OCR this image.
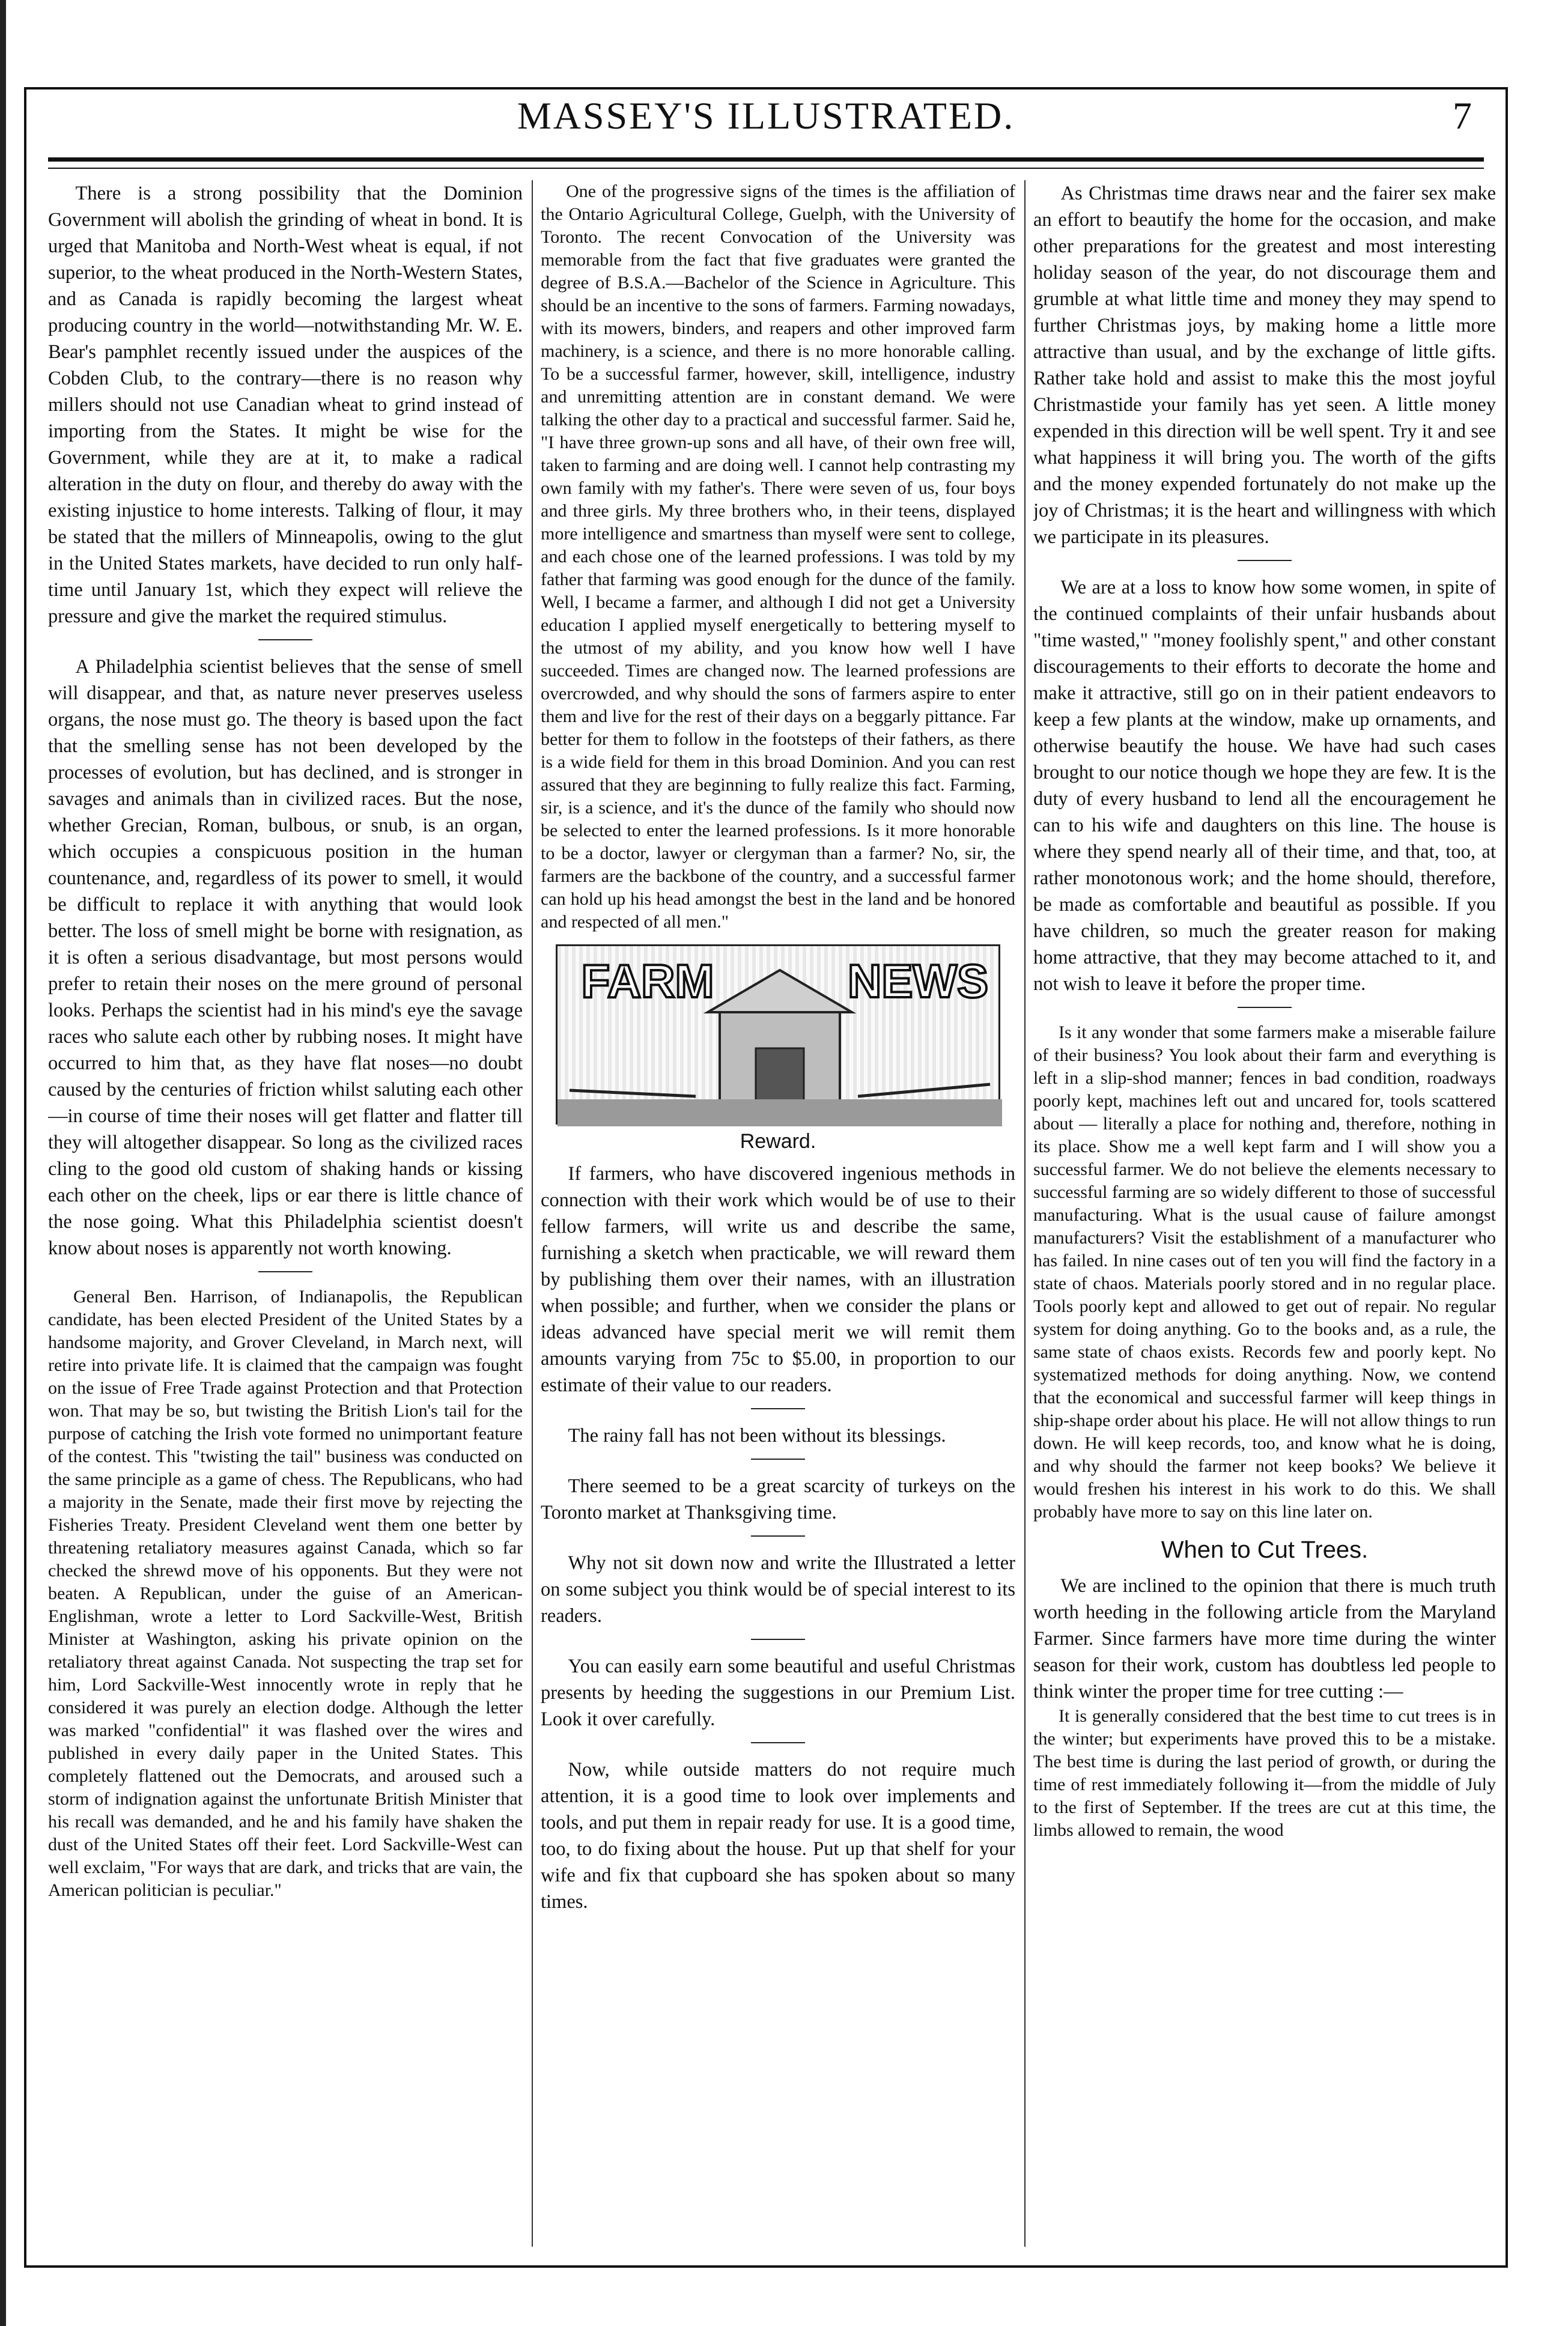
MASSEY'S ILLUSTRATED.	7

There is a strong possibility that the Dominion Government will abolish the grinding of wheat in bond. It is urged that Manitoba and North-West wheat is equal, if not superior, to the wheat produced in the North-Western States, and as Canada is rapidly becoming the largest wheat producing country in the world—notwithstanding Mr. W. E. Bear's pamphlet recently issued under the auspices of the Cobden Club, to the contrary—there is no reason why millers should not use Canadian wheat to grind instead of importing from the States. It might be wise for the Government, while they are at it, to make a radical alteration in the duty on flour, and thereby do away with the existing injustice to home interests. Talking of flour, it may be stated that the millers of Minneapolis, owing to the glut in the United States markets, have decided to run only half-time until January 1st, which they expect will relieve the pressure and give the market the required stimulus.

A Philadelphia scientist believes that the sense of smell will disappear, and that, as nature never preserves useless organs, the nose must go. The theory is based upon the fact that the smelling sense has not been developed by the processes of evolution, but has declined, and is stronger in savages and animals than in civilized races. But the nose, whether Grecian, Roman, bulbous, or snub, is an organ, which occupies a conspicuous position in the human countenance, and, regardless of its power to smell, it would be difficult to replace it with anything that would look better. The loss of smell might be borne with resignation, as it is often a serious disadvantage, but most persons would prefer to retain their noses on the mere ground of personal looks. Perhaps the scientist had in his mind's eye the savage races who salute each other by rubbing noses. It might have occurred to him that, as they have flat noses—no doubt caused by the centuries of friction whilst saluting each other—in course of time their noses will get flatter and flatter till they will altogether disappear. So long as the civilized races cling to the good old custom of shaking hands or kissing each other on the cheek, lips or ear there is little chance of the nose going. What this Philadelphia scientist doesn't know about noses is apparently not worth knowing.

General Ben. Harrison, of Indianapolis, the Republican candidate, has been elected President of the United States by a handsome majority, and Grover Cleveland, in March next, will retire into private life. It is claimed that the campaign was fought on the issue of Free Trade against Protection and that Protection won. That may be so, but twisting the British Lion's tail for the purpose of catching the Irish vote formed no unimportant feature of the contest. This "twisting the tail" business was conducted on the same principle as a game of chess. The Republicans, who had a majority in the Senate, made their first move by rejecting the Fisheries Treaty. President Cleveland went them one better by threatening retaliatory measures against Canada, which so far checked the shrewd move of his opponents. But they were not beaten. A Republican, under the guise of an American-Englishman, wrote a letter to Lord Sackville-West, British Minister at Washington, asking his private opinion on the retaliatory threat against Canada. Not suspecting the trap set for him, Lord Sackville-West innocently wrote in reply that he considered it was purely an election dodge. Although the letter was marked "confidential" it was flashed over the wires and published in every daily paper in the United States. This completely flattened out the Democrats, and aroused such a storm of indignation against the unfortunate British Minister that his recall was demanded, and he and his family have shaken the dust of the United States off their feet. Lord Sackville-West can well exclaim, "For ways that are dark, and tricks that are vain, the American politician is peculiar."

One of the progressive signs of the times is the affiliation of the Ontario Agricultural College, Guelph, with the University of Toronto. The recent Convocation of the University was memorable from the fact that five graduates were granted the degree of B.S.A.—Bachelor of the Science in Agriculture. This should be an incentive to the sons of farmers. Farming nowadays, with its mowers, binders, and reapers and other improved farm machinery, is a science, and there is no more honorable calling. To be a successful farmer, however, skill, intelligence, industry and unremitting attention are in constant demand. We were talking the other day to a practical and successful farmer. Said he, "I have three grown-up sons and all have, of their own free will, taken to farming and are doing well. I cannot help contrasting my own family with my father's. There were seven of us, four boys and three girls. My three brothers who, in their teens, displayed more intelligence and smartness than myself were sent to college, and each chose one of the learned professions. I was told by my father that farming was good enough for the dunce of the family. Well, I became a farmer, and although I did not get a University education I applied myself energetically to bettering myself to the utmost of my ability, and you know how well I have succeeded. Times are changed now. The learned professions are overcrowded, and why should the sons of farmers aspire to enter them and live for the rest of their days on a beggarly pittance. Far better for them to follow in the footsteps of their fathers, as there is a wide field for them in this broad Dominion. And you can rest assured that they are beginning to fully realize this fact. Farming, sir, is a science, and it's the dunce of the family who should now be selected to enter the learned professions. Is it more honorable to be a doctor, lawyer or clergyman than a farmer? No, sir, the farmers are the backbone of the country, and a successful farmer can hold up his head amongst the best in the land and be honored and respected of all men."

FARM	NEWS

Reward.

If farmers, who have discovered ingenious methods in connection with their work which would be of use to their fellow farmers, will write us and describe the same, furnishing a sketch when practicable, we will reward them by publishing them over their names, with an illustration when possible; and further, when we consider the plans or ideas advanced have special merit we will remit them amounts varying from 75c to $5.00, in proportion to our estimate of their value to our readers.

The rainy fall has not been without its blessings.

There seemed to be a great scarcity of turkeys on the Toronto market at Thanksgiving time.

Why not sit down now and write the Illustrated a letter on some subject you think would be of special interest to its readers.

You can easily earn some beautiful and useful Christmas presents by heeding the suggestions in our Premium List. Look it over carefully.

Now, while outside matters do not require much attention, it is a good time to look over implements and tools, and put them in repair ready for use. It is a good time, too, to do fixing about the house. Put up that shelf for your wife and fix that cupboard she has spoken about so many times.

As Christmas time draws near and the fairer sex make an effort to beautify the home for the occasion, and make other preparations for the greatest and most interesting holiday season of the year, do not discourage them and grumble at what little time and money they may spend to further Christmas joys, by making home a little more attractive than usual, and by the exchange of little gifts. Rather take hold and assist to make this the most joyful Christmastide your family has yet seen. A little money expended in this direction will be well spent. Try it and see what happiness it will bring you. The worth of the gifts and the money expended fortunately do not make up the joy of Christmas; it is the heart and willingness with which we participate in its pleasures.

We are at a loss to know how some women, in spite of the continued complaints of their unfair husbands about "time wasted," "money foolishly spent," and other constant discouragements to their efforts to decorate the home and make it attractive, still go on in their patient endeavors to keep a few plants at the window, make up ornaments, and otherwise beautify the house. We have had such cases brought to our notice though we hope they are few. It is the duty of every husband to lend all the encouragement he can to his wife and daughters on this line. The house is where they spend nearly all of their time, and that, too, at rather monotonous work; and the home should, therefore, be made as comfortable and beautiful as possible. If you have children, so much the greater reason for making home attractive, that they may become attached to it, and not wish to leave it before the proper time.

Is it any wonder that some farmers make a miserable failure of their business? You look about their farm and everything is left in a slip-shod manner; fences in bad condition, roadways poorly kept, machines left out and uncared for, tools scattered about — literally a place for nothing and, therefore, nothing in its place. Show me a well kept farm and I will show you a successful farmer. We do not believe the elements necessary to successful farming are so widely different to those of successful manufacturing. What is the usual cause of failure amongst manufacturers? Visit the establishment of a manufacturer who has failed. In nine cases out of ten you will find the factory in a state of chaos. Materials poorly stored and in no regular place. Tools poorly kept and allowed to get out of repair. No regular system for doing anything. Go to the books and, as a rule, the same state of chaos exists. Records few and poorly kept. No systematized methods for doing anything. Now, we contend that the economical and successful farmer will keep things in ship-shape order about his place. He will not allow things to run down. He will keep records, too, and know what he is doing, and why should the farmer not keep books? We believe it would freshen his interest in his work to do this. We shall probably have more to say on this line later on.

When to Cut Trees.

We are inclined to the opinion that there is much truth worth heeding in the following article from the Maryland Farmer. Since farmers have more time during the winter season for their work, custom has doubtless led people to think winter the proper time for tree cutting :—

It is generally considered that the best time to cut trees is in the winter; but experiments have proved this to be a mistake. The best time is during the last period of growth, or during the time of rest immediately following it—from the middle of July to the first of September. If the trees are cut at this time, the limbs allowed to remain, the wood
